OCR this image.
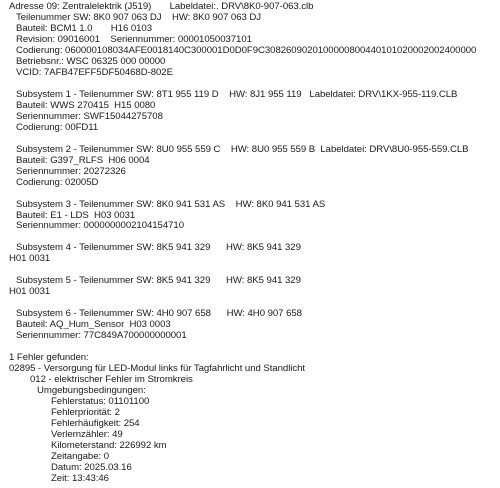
Adresse 09: Zentralelektrik (J519)       Labeldatei:. DRV\8K0-907-063.clb
Teilenummer SW: 8K0 907 063 DJ    HW: 8K0 907 063 DJ
Bauteil: BCM1 1.0       H16 0103
Revision: 09016001    Seriennummer: 00001050037101
Codierung: 060000108034AFE0018140C300001D0D0F9C3082609020100000800440101020002002400000
Betriebsnr.: WSC 06325 000 00000
VCID: 7AFB47EFF5DF50468D-802E
Subsystem 1 - Teilenummer SW: 8T1 955 119 D    HW: 8J1 955 119   Labeldatei: DRV\1KX-955-119.CLB
Bauteil: WWS 270415  H15 0080
Seriennummer: SWF15044275708
Codierung: 00FD11
Subsystem 2 - Teilenummer SW: 8U0 955 559 C    HW: 8U0 955 559 B  Labeldatei: DRV\8U0-955-559.CLB
Bauteil: G397_RLFS  H06 0004
Seriennummer: 20272326
Codierung: 02005D
Subsystem 3 - Teilenummer SW: 8K0 941 531 AS    HW: 8K0 941 531 AS
Bauteil: E1 - LDS  H03 0031
Seriennummer: 0000000002104154710
Subsystem 4 - Teilenummer SW: 8K5 941 329      HW: 8K5 941 329
H01 0031
Subsystem 5 - Teilenummer SW: 8K5 941 329      HW: 8K5 941 329
H01 0031
Subsystem 6 - Teilenummer SW: 4H0 907 658      HW: 4H0 907 658
Bauteil: AQ_Hum_Sensor  H03 0003
Seriennummer: 77C849A700000000001
1 Fehler gefunden:
02895 - Versorgung für LED-Modul links für Tagfahrlicht und Standlicht
012 - elektrischer Fehler im Stromkreis
Umgebungsbedingungen:
Fehlerstatus: 01101100
Fehlerpriorität: 2
Fehlerhäufigkeit: 254
Verlernzähler: 49
Kilometerstand: 226992 km
Zeitangabe: 0
Datum: 2025.03.16
Zeit: 13:43:46
